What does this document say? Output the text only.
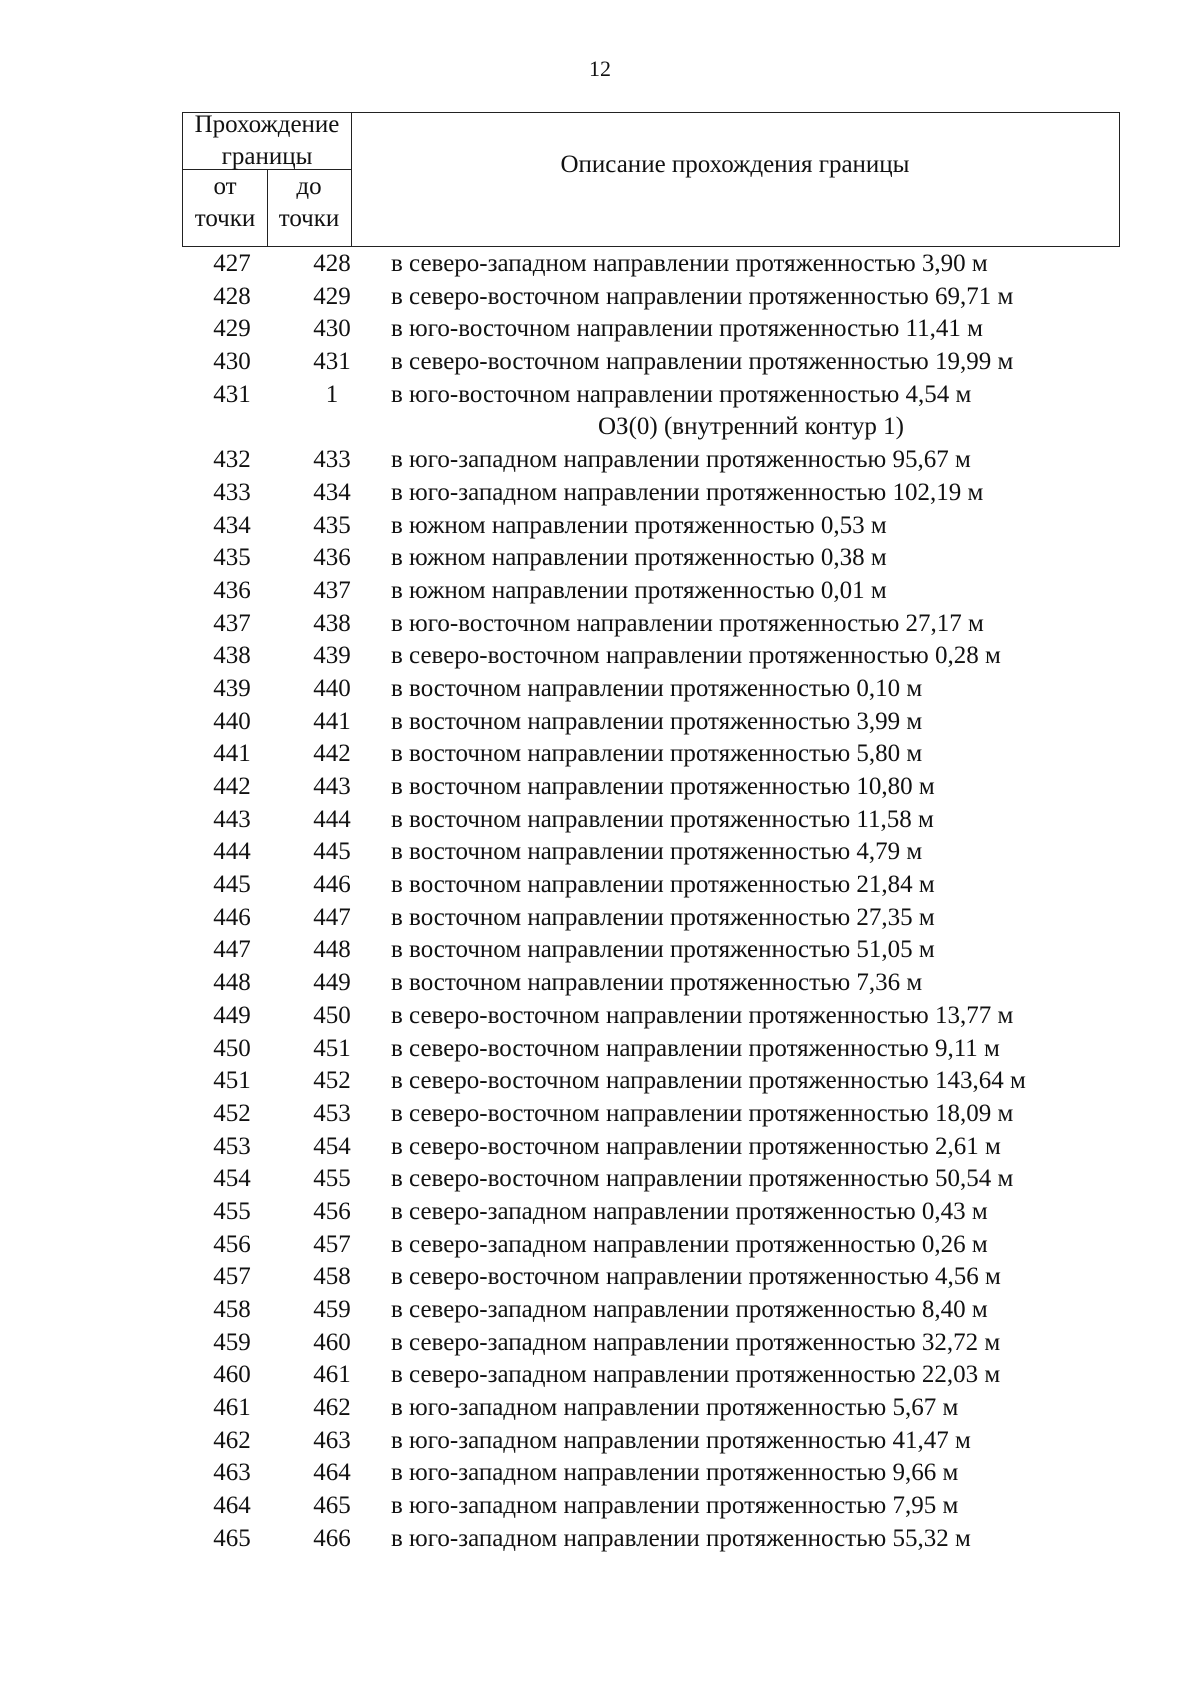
12
Прохождение границы
от точки
до точки
Описание прохождения границы
427	428	в северо-западном направлении протяженностью 3,90 м
428	429	в северо-восточном направлении протяженностью 69,71 м
429	430	в юго-восточном направлении протяженностью 11,41 м
430	431	в северо-восточном направлении протяженностью 19,99 м
431	1	в юго-восточном направлении протяженностью 4,54 м
ОЗ(0) (внутренний контур 1)
432	433	в юго-западном направлении протяженностью 95,67 м
433	434	в юго-западном направлении протяженностью 102,19 м
434	435	в южном направлении протяженностью 0,53 м
435	436	в южном направлении протяженностью 0,38 м
436	437	в южном направлении протяженностью 0,01 м
437	438	в юго-восточном направлении протяженностью 27,17 м
438	439	в северо-восточном направлении протяженностью 0,28 м
439	440	в восточном направлении протяженностью 0,10 м
440	441	в восточном направлении протяженностью 3,99 м
441	442	в восточном направлении протяженностью 5,80 м
442	443	в восточном направлении протяженностью 10,80 м
443	444	в восточном направлении протяженностью 11,58 м
444	445	в восточном направлении протяженностью 4,79 м
445	446	в восточном направлении протяженностью 21,84 м
446	447	в восточном направлении протяженностью 27,35 м
447	448	в восточном направлении протяженностью 51,05 м
448	449	в восточном направлении протяженностью 7,36 м
449	450	в северо-восточном направлении протяженностью 13,77 м
450	451	в северо-восточном направлении протяженностью 9,11 м
451	452	в северо-восточном направлении протяженностью 143,64 м
452	453	в северо-восточном направлении протяженностью 18,09 м
453	454	в северо-восточном направлении протяженностью 2,61 м
454	455	в северо-восточном направлении протяженностью 50,54 м
455	456	в северо-западном направлении протяженностью 0,43 м
456	457	в северо-западном направлении протяженностью 0,26 м
457	458	в северо-восточном направлении протяженностью 4,56 м
458	459	в северо-западном направлении протяженностью 8,40 м
459	460	в северо-западном направлении протяженностью 32,72 м
460	461	в северо-западном направлении протяженностью 22,03 м
461	462	в юго-западном направлении протяженностью 5,67 м
462	463	в юго-западном направлении протяженностью 41,47 м
463	464	в юго-западном направлении протяженностью 9,66 м
464	465	в юго-западном направлении протяженностью 7,95 м
465	466	в юго-западном направлении протяженностью 55,32 м
